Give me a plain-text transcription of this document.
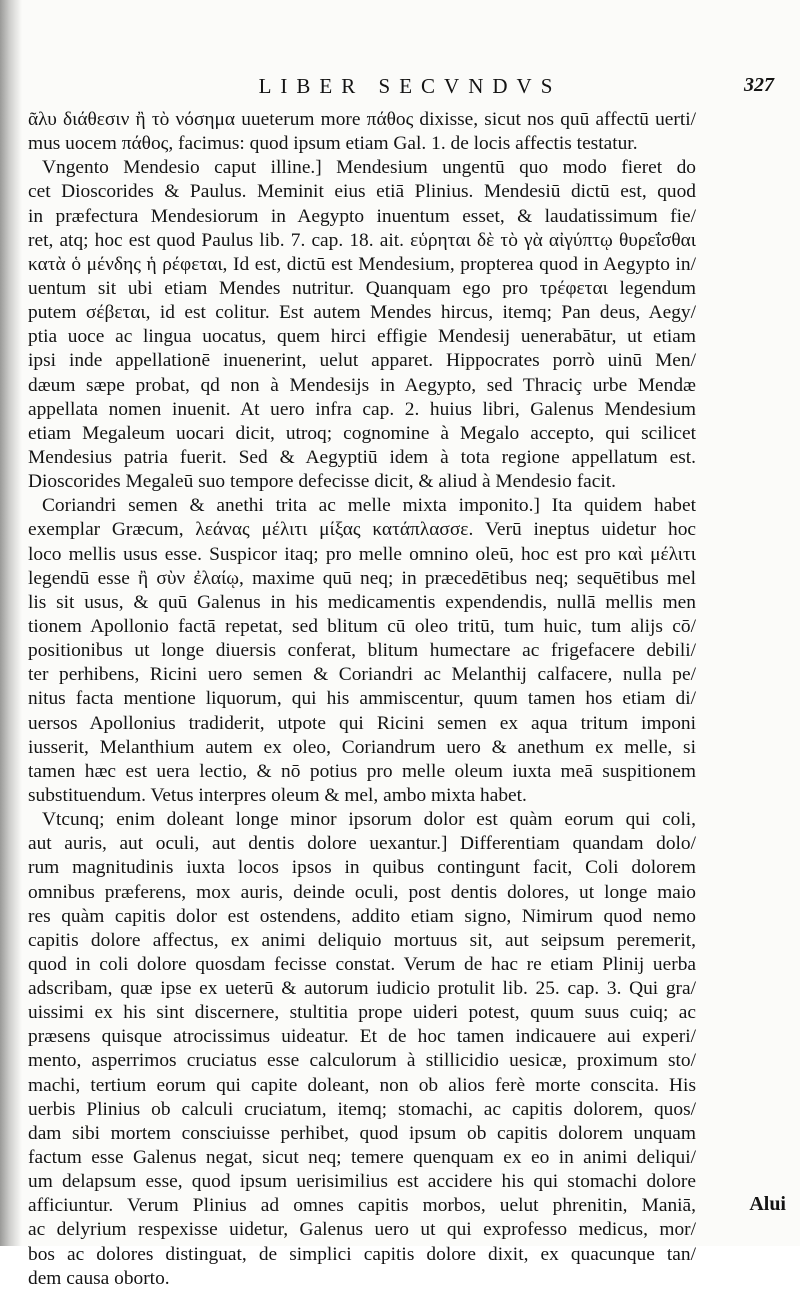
LIBER SECVNDVS	327
ᾶλυ διάθεσιν ἢ τὸ νόσημα uueterum more πάθος dixisse, sicut nos quū affectū uerti/
mus uocem πάθος, facimus: quod ipsum etiam Gal. 1. de locis affectis testatur.
Vngento Mendesio caput illine.] Mendesium ungentū quo modo fieret do
cet Dioscorides & Paulus. Meminit eius etiā Plinius. Mendesiū dictū est, quod
in præfectura Mendesiorum in Aegypto inuentum esset, & laudatissimum fie/
ret, atq; hoc est quod Paulus lib. 7. cap. 18. ait. εὑρηται δὲ τὸ γὰ αἰγύπτῳ θυρεΐσθαι
κατὰ ὁ μένδης ἡ ρέφεται, Id est, dictū est Mendesium, propterea quod in Aegypto in/
uentum sit ubi etiam Mendes nutritur. Quanquam ego pro τρέφεται legendum
putem σέβεται, id est colitur. Est autem Mendes hircus, itemq; Pan deus, Aegy/
ptia uoce ac lingua uocatus, quem hirci effigie Mendesij uenerabātur, ut etiam
ipsi inde appellationē inuenerint, uelut apparet. Hippocrates porrò uinū Men/
dæum sæpe probat, qd non à Mendesijs in Aegypto, sed Thraciç urbe Mendæ
appellata nomen inuenit. At uero infra cap. 2. huius libri, Galenus Mendesium
etiam Megaleum uocari dicit, utroq; cognomine à Megalo accepto, qui scilicet
Mendesius patria fuerit. Sed & Aegyptiū idem à tota regione appellatum est.
Dioscorides Megaleū suo tempore defecisse dicit, & aliud à Mendesio facit.
Coriandri semen & anethi trita ac melle mixta imponito.] Ita quidem habet
exemplar Græcum, λεάνας μέλιτι μίξας κατάπλασσε. Verū ineptus uidetur hoc
loco mellis usus esse. Suspicor itaq; pro melle omnino oleū, hoc est pro καὶ μέλιτι
legendū esse ἢ σὺν ἐλαίῳ, maxime quū neq; in præcedētibus neq; sequētibus mel
lis sit usus, & quū Galenus in his medicamentis expendendis, nullā mellis men
tionem Apollonio factā repetat, sed blitum cū oleo tritū, tum huic, tum alijs cō/
positionibus ut longe diuersis conferat, blitum humectare ac frigefacere debili/
ter perhibens, Ricini uero semen & Coriandri ac Melanthij calfacere, nulla pe/
nitus facta mentione liquorum, qui his ammiscentur, quum tamen hos etiam di/
uersos Apollonius tradiderit, utpote qui Ricini semen ex aqua tritum imponi
iusserit, Melanthium autem ex oleo, Coriandrum uero & anethum ex melle, si
tamen hæc est uera lectio, & nō potius pro melle oleum iuxta meā suspitionem
substituendum. Vetus interpres oleum & mel, ambo mixta habet.
Vtcunq; enim doleant longe minor ipsorum dolor est quàm eorum qui coli,
aut auris, aut oculi, aut dentis dolore uexantur.] Differentiam quandam dolo/
rum magnitudinis iuxta locos ipsos in quibus contingunt facit, Coli dolorem
omnibus præferens, mox auris, deinde oculi, post dentis dolores, ut longe maio
res quàm capitis dolor est ostendens, addito etiam signo, Nimirum quod nemo
capitis dolore affectus, ex animi deliquio mortuus sit, aut seipsum peremerit,
quod in coli dolore quosdam fecisse constat. Verum de hac re etiam Plinij uerba
adscribam, quæ ipse ex ueterū & autorum iudicio protulit lib. 25. cap. 3. Qui gra/
uissimi ex his sint discernere, stultitia prope uideri potest, quum suus cuiq; ac
præsens quisque atrocissimus uideatur. Et de hoc tamen indicauere aui experi/
mento, asperrimos cruciatus esse calculorum à stillicidio uesicæ, proximum sto/
machi, tertium eorum qui capite doleant, non ob alios ferè morte conscita. His
uerbis Plinius ob calculi cruciatum, itemq; stomachi, ac capitis dolorem, quos/
dam sibi mortem consciuisse perhibet, quod ipsum ob capitis dolorem unquam
factum esse Galenus negat, sicut neq; temere quenquam ex eo in animi deliqui/
um delapsum esse, quod ipsum uerisimilius est accidere his qui stomachi dolore
afficiuntur. Verum Plinius ad omnes capitis morbos, uelut phrenitin, Maniā,
ac delyrium respexisse uidetur, Galenus uero ut qui exprofesso medicus, mor/
bos ac dolores distinguat, de simplici capitis dolore dixit, ex quacunque tan/
dem causa oborto.
Alui
